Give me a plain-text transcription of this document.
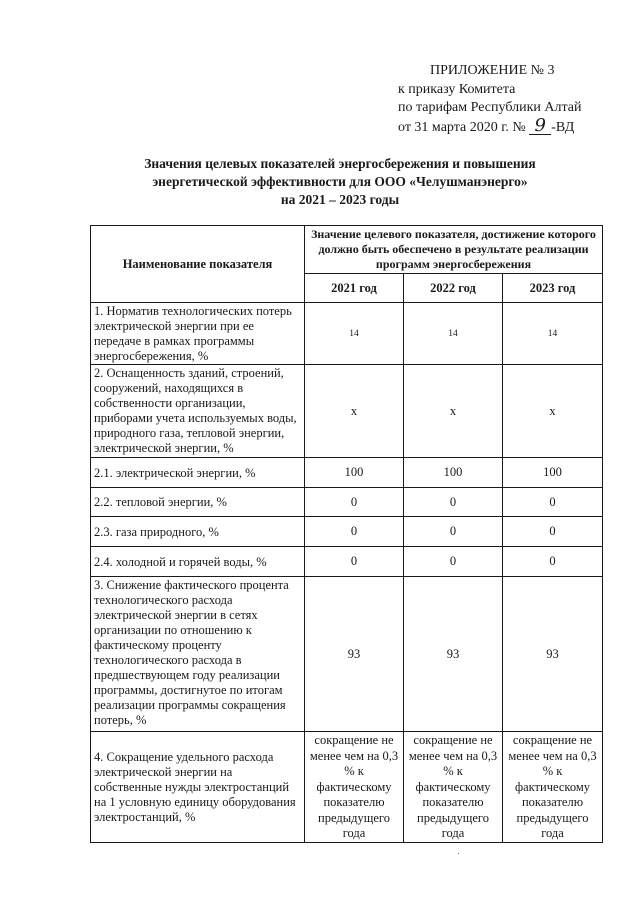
ПРИЛОЖЕНИЕ № 3
к приказу Комитета
по тарифам Республики Алтай
от 31 марта 2020 г. № 9 -ВД
Значения целевых показателей энергосбережения и повышения
энергетической эффективности для ООО «Челушманэнерго»
на 2021 – 2023 годы
Наименование показателя	Значение целевого показателя, достижение которого должно быть обеспечено в результате реализации программ энергосбережения		
	2021 год	2022 год	2023 год
1. Норматив технологических потерь электрической энергии при ее передаче в рамках программы энергосбережения, %	14	14	14
2. Оснащенность зданий, строений, сооружений, находящихся в собственности организации, приборами учета используемых воды, природного газа, тепловой энергии, электрической энергии, %	x	x	x
2.1. электрической энергии, %	100	100	100
2.2. тепловой энергии, %	0	0	0
2.3. газа природного, %	0	0	0
2.4. холодной и горячей воды, %	0	0	0
3. Снижение фактического процента технологического расхода электрической энергии в сетях организации по отношению к фактическому проценту технологического расхода в предшествующем году реализации программы, достигнутое по итогам реализации программы сокращения потерь, %	93	93	93
4. Сокращение удельного расхода электрической энергии на собственные нужды электростанций на 1 условную единицу оборудования электростанций, %	сокращение не менее чем на 0,3 % к фактическому показателю предыдущего года	сокращение не менее чем на 0,3 % к фактическому показателю предыдущего года	сокращение не менее чем на 0,3 % к фактическому показателю предыдущего года
